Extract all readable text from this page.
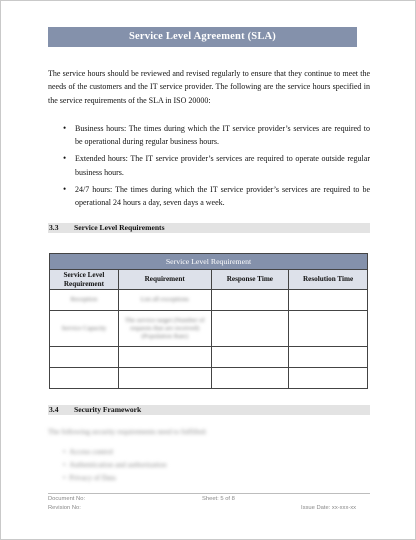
Service Level Agreement (SLA)
The service hours should be reviewed and revised regularly to ensure that they continue to meet the needs of the customers and the IT service provider. The following are the service hours specified in the service requirements of the SLA in ISO 20000:
• Business hours: The times during which the IT service provider’s services are required to be operational during regular business hours.
• Extended hours: The IT service provider’s services are required to operate outside regular business hours.
• 24/7 hours: The times during which the IT service provider’s services are required to be operational 24 hours a day, seven days a week.
3.3 Service Level Requirements
Service Level Requirement			
Service Level Requirement	Requirement	Response Time	Resolution Time
Reception	List all exceptions		
Service Capacity	The service target (Number of requests that are received) (Population Rate)		

3.4 Security Framework
The following security requirements need to fulfilled:
• Access control
• Authentication and authorization
• Privacy of Data
Document No:
Revision No:
Sheet: 5 of 8
Issue Date: xx-xxx-xx
